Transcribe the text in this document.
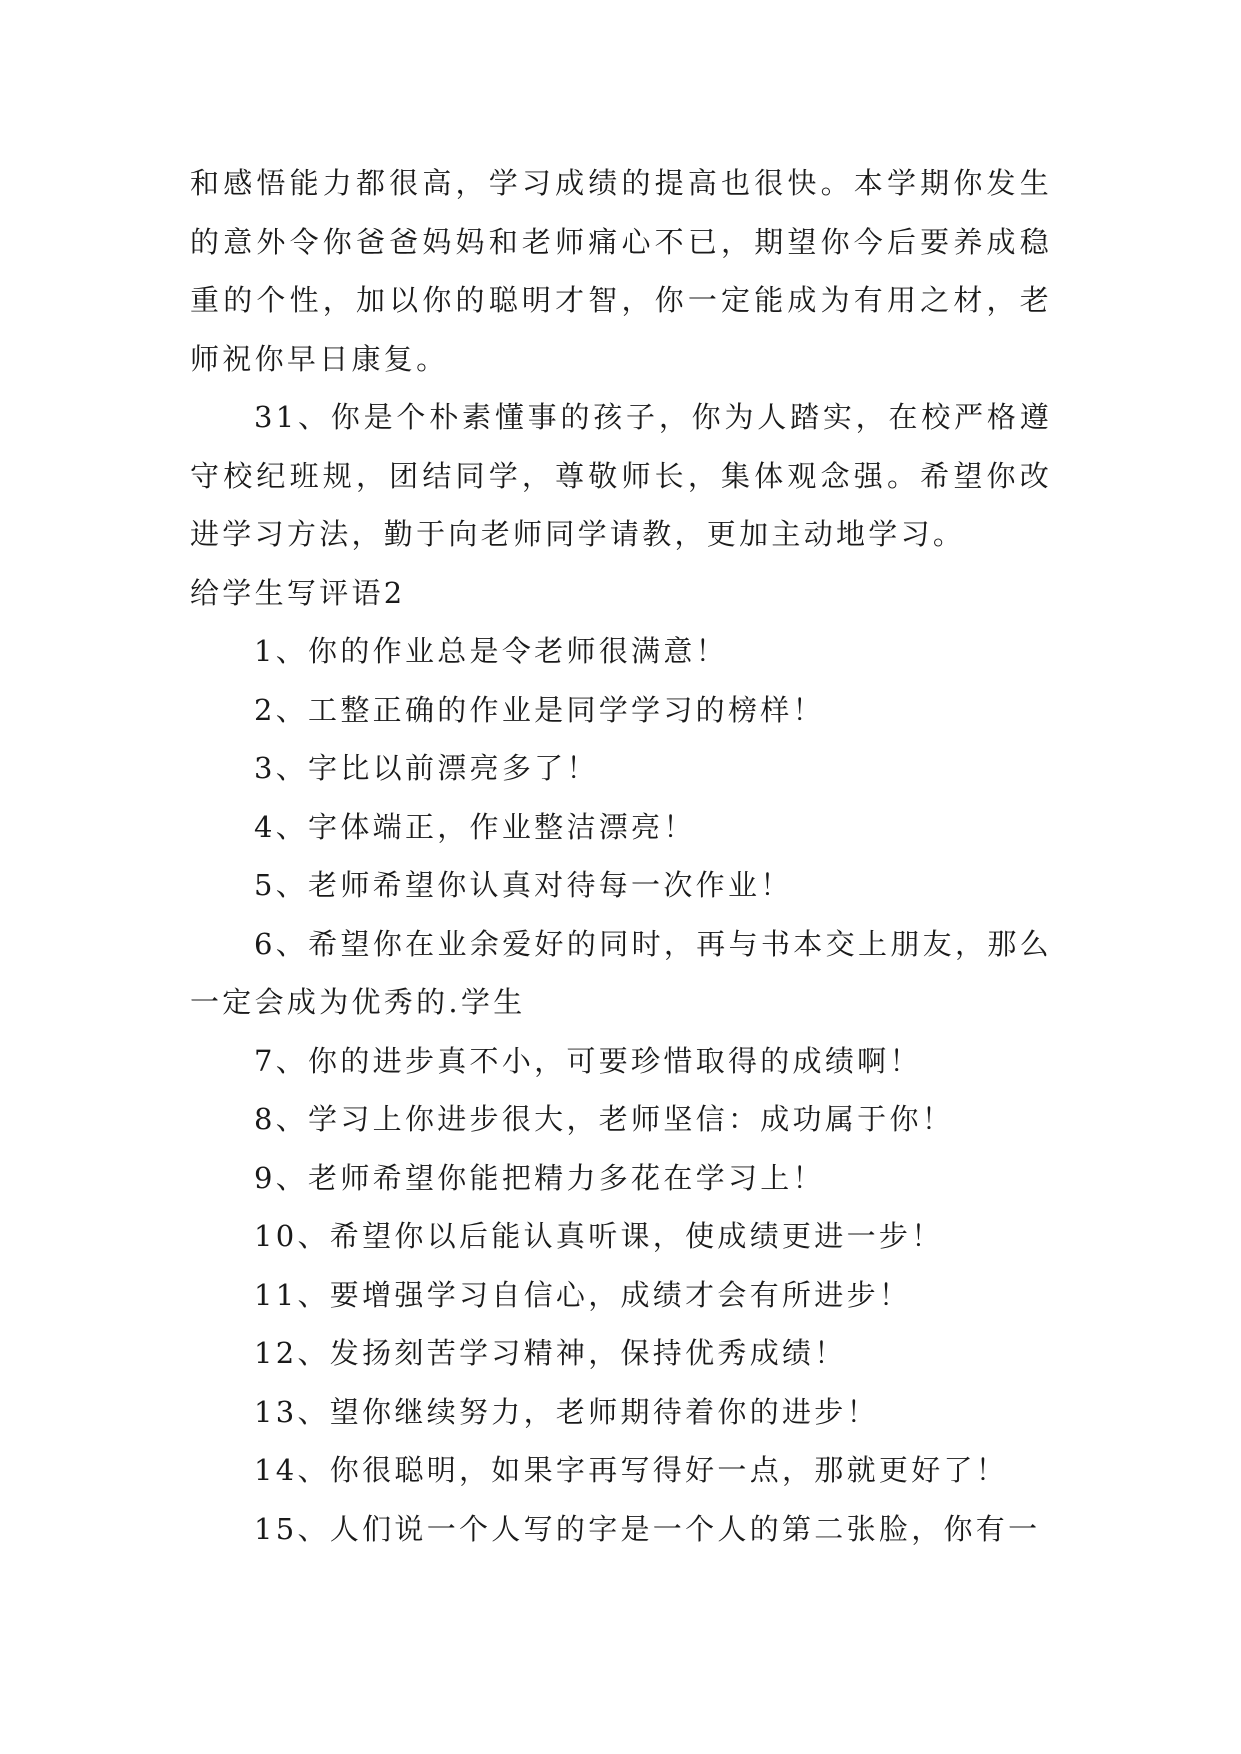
和感悟能力都很高，学习成绩的提高也很快。本学期你发生的意外令你爸爸妈妈和老师痛心不已，期望你今后要养成稳重的个性，加以你的聪明才智，你一定能成为有用之材，老师祝你早日康复。

31、你是个朴素懂事的孩子，你为人踏实，在校严格遵守校纪班规，团结同学，尊敬师长，集体观念强。希望你改进学习方法，勤于向老师同学请教，更加主动地学习。

给学生写评语2

1、你的作业总是令老师很满意！

2、工整正确的作业是同学学习的榜样！

3、字比以前漂亮多了！

4、字体端正，作业整洁漂亮！

5、老师希望你认真对待每一次作业！

6、希望你在业余爱好的同时，再与书本交上朋友，那么一定会成为优秀的.学生

7、你的进步真不小，可要珍惜取得的成绩啊！

8、学习上你进步很大，老师坚信：成功属于你！

9、老师希望你能把精力多花在学习上！

10、希望你以后能认真听课，使成绩更进一步！

11、要增强学习自信心，成绩才会有所进步！

12、发扬刻苦学习精神，保持优秀成绩！

13、望你继续努力，老师期待着你的进步！

14、你很聪明，如果字再写得好一点，那就更好了！

15、人们说一个人写的字是一个人的第二张脸，你有一
